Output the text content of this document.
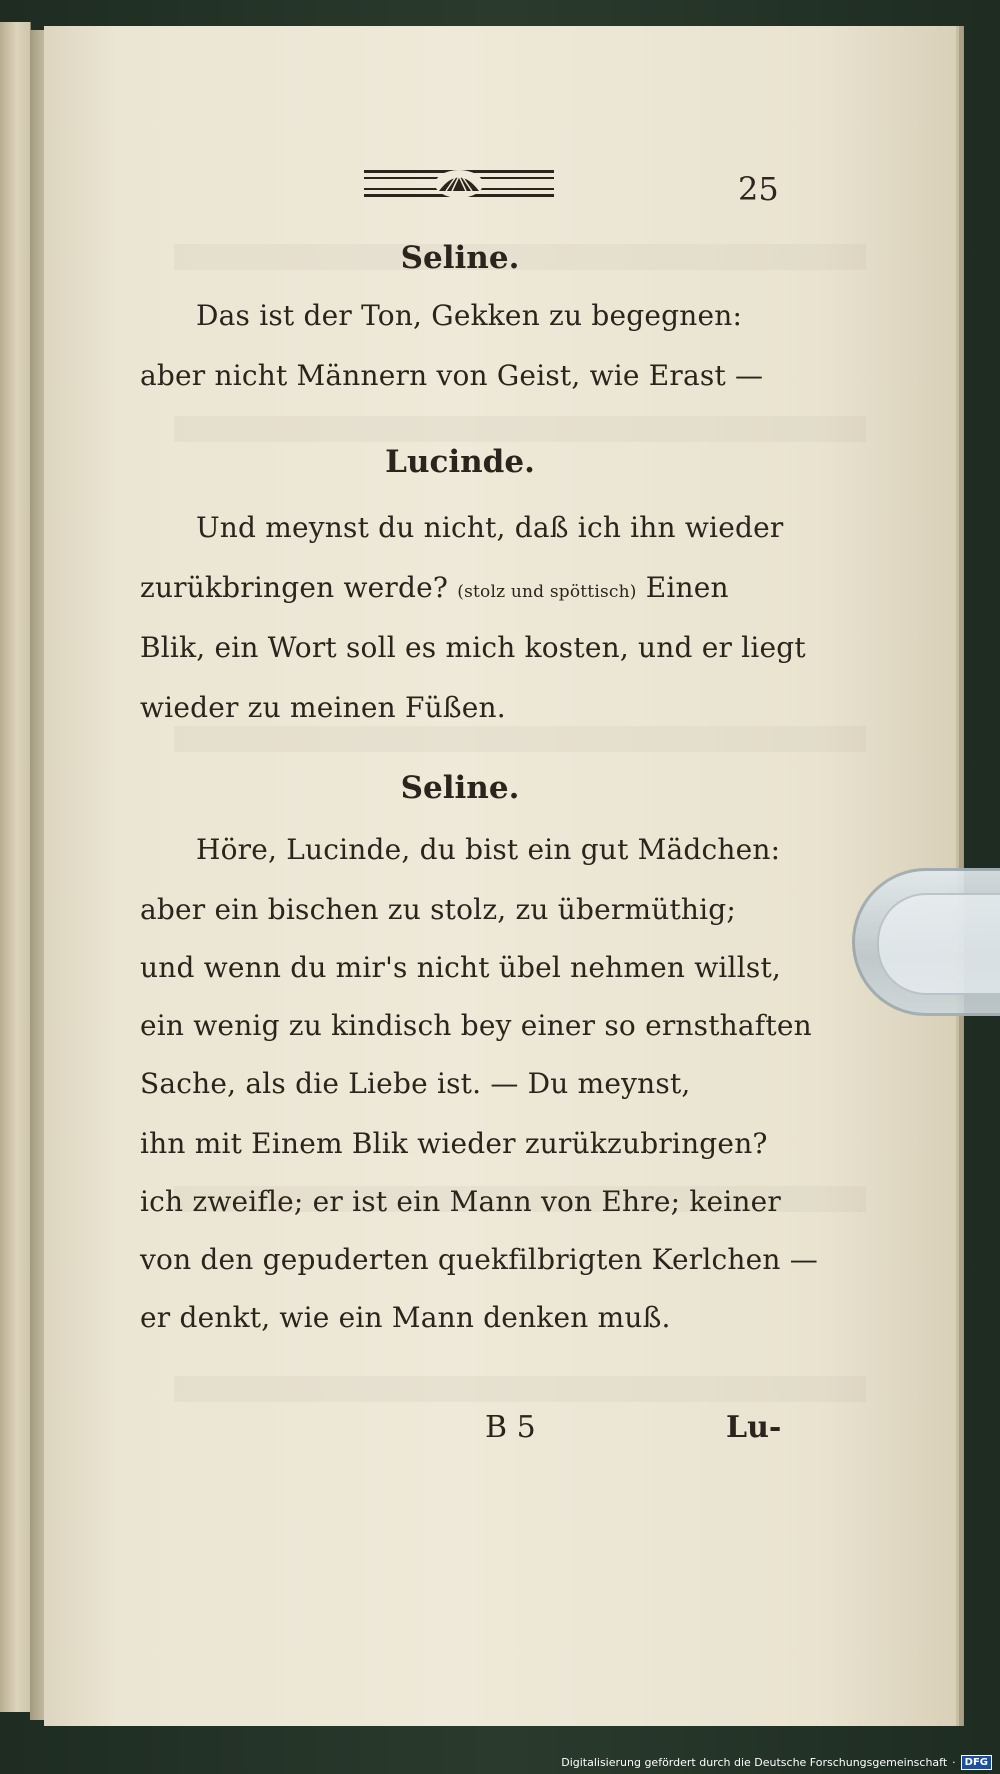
25
Seline.
Das ist der Ton, Gekken zu begegnen:
aber nicht Männern von Geist, wie Erast —
Lucinde.
Und meynst du nicht, daß ich ihn wieder
zurükbringen werde? (stolz und spöttisch) Einen
Blik, ein Wort soll es mich kosten, und er liegt
wieder zu meinen Füßen.
Seline.
Höre, Lucinde, du bist ein gut Mädchen:
aber ein bischen zu stolz, zu übermüthig;
und wenn du mir's nicht übel nehmen willst,
ein wenig zu kindisch bey einer so ernsthaften
Sache, als die Liebe ist. — Du meynst,
ihn mit Einem Blik wieder zurükzubringen?
ich zweifle; er ist ein Mann von Ehre; keiner
von den gepuderten quekfilbrigten Kerlchen —
er denkt, wie ein Mann denken muß.
B 5	Lu-
Digitalisierung gefördert durch die Deutsche Forschungsgemeinschaft · DFG
